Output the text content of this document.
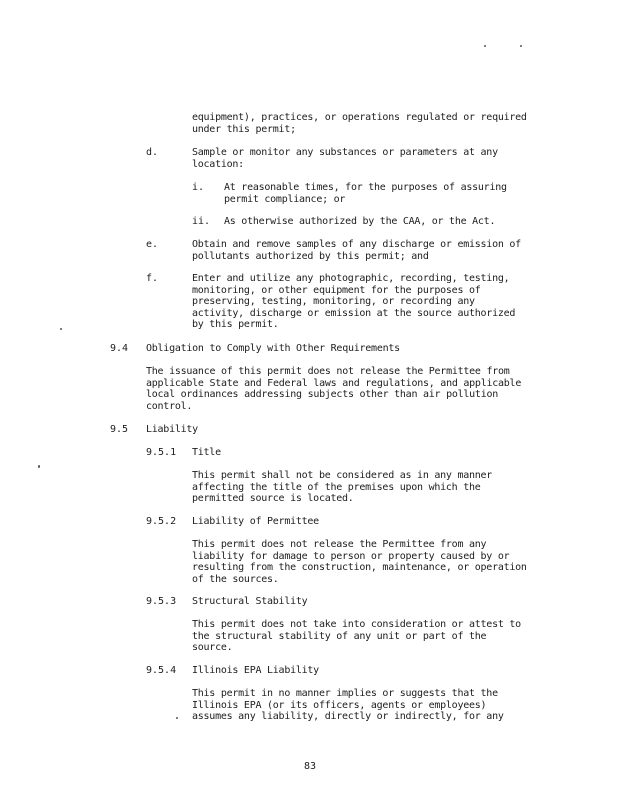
equipment), practices, or operations regulated or required
under this permit;
d.	Sample or monitor any substances or parameters at any
location:
i. At reasonable times, for the purposes of assuring
permit compliance; or
ii. As otherwise authorized by the CAA, or the Act.
e.	Obtain and remove samples of any discharge or emission of
pollutants authorized by this permit; and
f.	Enter and utilize any photographic, recording, testing,
monitoring, or other equipment for the purposes of
preserving, testing, monitoring, or recording any
activity, discharge or emission at the source authorized
by this permit.
9.4 Obligation to Comply with Other Requirements
The issuance of this permit does not release the Permittee from
applicable State and Federal laws and regulations, and applicable
local ordinances addressing subjects other than air pollution
control.
9.5 Liability
9.5.1 Title
This permit shall not be considered as in any manner
affecting the title of the premises upon which the
permitted source is located.
9.5.2 Liability of Permittee
This permit does not release the Permittee from any
liability for damage to person or property caused by or
resulting from the construction, maintenance, or operation
of the sources.
9.5.3 Structural Stability
This permit does not take into consideration or attest to
the structural stability of any unit or part of the
source.
9.5.4 Illinois EPA Liability
This permit in no manner implies or suggests that the
Illinois EPA (or its officers, agents or employees)
assumes any liability, directly or indirectly, for any
83
